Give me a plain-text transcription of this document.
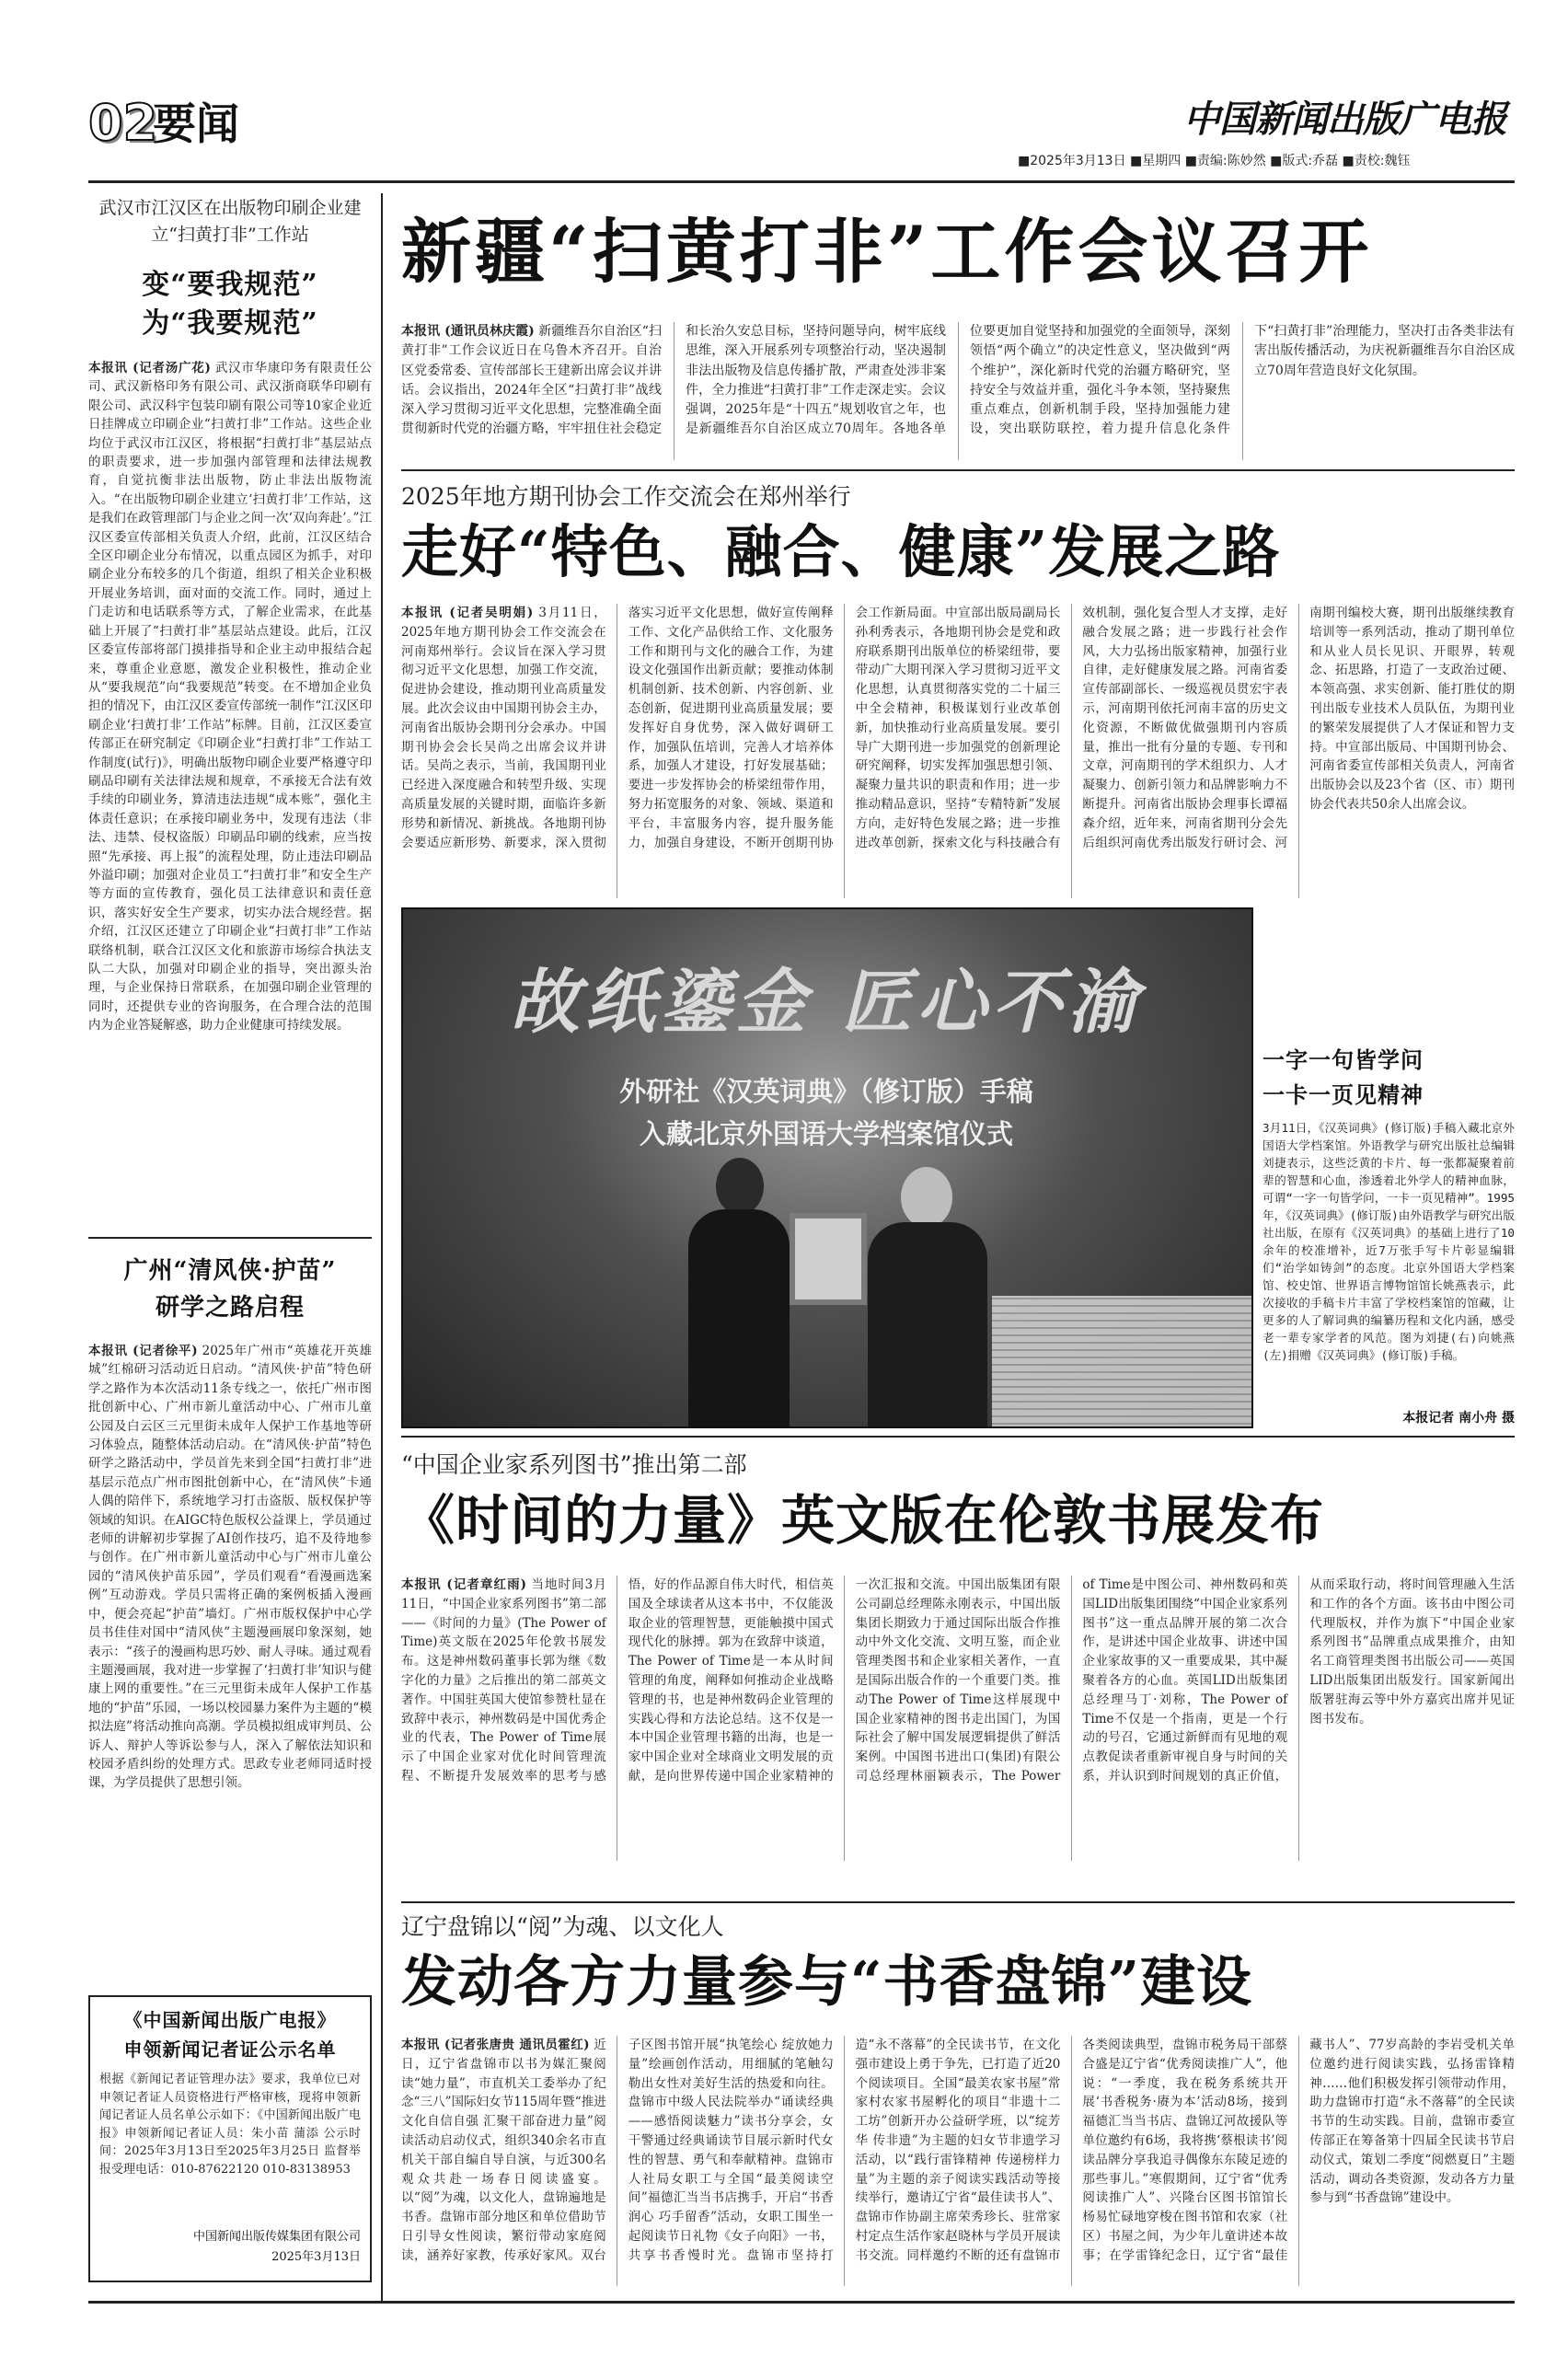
02
要闻	中国新闻出版广电报
■2025年3月13日 ■星期四 ■责编:陈妙然 ■版式:乔磊 ■责校:魏钰
武汉市江汉区在出版物印刷企业建立“扫黄打非”工作站
变“要我规范”
为“我要规范”
本报讯 (记者汤广花) 武汉市华康印务有限责任公司、武汉新格印务有限公司、武汉浙商联华印刷有限公司、武汉科宇包装印刷有限公司等10家企业近日挂牌成立印刷企业“扫黄打非”工作站。这些企业均位于武汉市江汉区，将根据“扫黄打非”基层站点的职责要求，进一步加强内部管理和法律法规教育，自觉抗衡非法出版物，防止非法出版物流入。“在出版物印刷企业建立‘扫黄打非’工作站，这是我们在政管理部门与企业之间一次‘双向奔赴’。”江汉区委宣传部相关负责人介绍，此前，江汉区结合全区印刷企业分布情况，以重点园区为抓手，对印刷企业分布较多的几个街道，组织了相关企业积极开展业务培训，面对面的交流工作。同时，通过上门走访和电话联系等方式，了解企业需求，在此基础上开展了“扫黄打非”基层站点建设。此后，江汉区委宣传部将部门摸排指导和企业主动申报结合起来，尊重企业意愿，激发企业积极性，推动企业从“要我规范”向“我要规范”转变。在不增加企业负担的情况下，由江汉区委宣传部统一制作“江汉区印刷企业‘扫黄打非’工作站”标牌。目前，江汉区委宣传部正在研究制定《印刷企业“扫黄打非”工作站工作制度(试行)》，明确出版物印刷企业要严格遵守印刷品印刷有关法律法规和规章，不承接无合法有效手续的印刷业务，算清违法违规“成本账”，强化主体责任意识；在承接印刷业务中，发现有违法（非法、违禁、侵权盗版）印刷品印刷的线索，应当按照“先承接、再上报”的流程处理，防止违法印刷品外溢印刷；加强对企业员工“扫黄打非”和安全生产等方面的宣传教育，强化员工法律意识和责任意识，落实好安全生产要求，切实办法合规经营。据介绍，江汉区还建立了印刷企业“扫黄打非”工作站联络机制，联合江汉区文化和旅游市场综合执法支队二大队，加强对印刷企业的指导，突出源头治理，与企业保持日常联系，在加强印刷企业管理的同时，还提供专业的咨询服务，在合理合法的范围内为企业答疑解惑，助力企业健康可持续发展。
广州“清风侠·护苗”
研学之路启程
本报讯 (记者徐平) 2025年广州市“英雄花开英雄城”红棉研习活动近日启动。“清风侠·护苗”特色研学之路作为本次活动11条专线之一，依托广州市图批创新中心、广州市新儿童活动中心、广州市儿童公园及白云区三元里街未成年人保护工作基地等研习体验点，随整体活动启动。在“清风侠·护苗”特色研学之路活动中，学员首先来到全国“扫黄打非”进基层示范点广州市图批创新中心，在“清风侠”卡通人偶的陪伴下，系统地学习打击盗版、版权保护等领域的知识。在AIGC特色版权公益课上，学员通过老师的讲解初步掌握了AI创作技巧，追不及待地参与创作。在广州市新儿童活动中心与广州市儿童公园的“清风侠护苗乐园”，学员们观看“看漫画选案例”互动游戏。学员只需将正确的案例板插入漫画中，便会亮起“护苗”墙灯。广州市版权保护中心学员书佳佳对国中“清风侠”主题漫画展印象深刻，她表示：“孩子的漫画构思巧妙、耐人寻味。通过观看主题漫画展，我对进一步掌握了‘扫黄打非’知识与健康上网的重要性。”在三元里街未成年人保护工作基地的“护苗”乐园，一场以校园暴力案件为主题的“模拟法庭”将活动推向高潮。学员模拟组成审判员、公诉人、辩护人等诉讼参与人，深入了解依法知识和校园矛盾纠纷的处理方式。思政专业老师同适时授课，为学员提供了思想引领。
《中国新闻出版广电报》
申领新闻记者证公示名单
根据《新闻记者证管理办法》要求，我单位已对申领记者证人员资格进行严格审核，现将申领新闻记者证人员名单公示如下：《中国新闻出版广电报》申领新闻记者证人员：朱小苗 蒲添 公示时间：2025年3月13日至2025年3月25日 监督举报受理电话：010-87622120 010-83138953
中国新闻出版传媒集团有限公司
2025年3月13日
新疆“扫黄打非”工作会议召开
本报讯 (通讯员林庆霞) 新疆维吾尔自治区“扫黄打非”工作会议近日在乌鲁木齐召开。自治区党委常委、宣传部部长王建新出席会议并讲话。会议指出，2024年全区“扫黄打非”战线深入学习贯彻习近平文化思想，完整准确全面贯彻新时代党的治疆方略，牢牢扭住社会稳定和长治久安总目标，坚持问题导向，树牢底线思维，深入开展系列专项整治行动，坚决遏制非法出版物及信息传播扩散，严肃查处涉非案件，全力推进“扫黄打非”工作走深走实。会议强调，2025年是“十四五”规划收官之年，也是新疆维吾尔自治区成立70周年。各地各单位要更加自觉坚持和加强党的全面领导，深刻领悟“两个确立”的决定性意义，坚决做到“两个维护”，深化新时代党的治疆方略研究，坚持安全与效益并重，强化斗争本领，坚持聚焦重点难点，创新机制手段，坚持加强能力建设，突出联防联控，着力提升信息化条件下“扫黄打非”治理能力，坚决打击各类非法有害出版传播活动，为庆祝新疆维吾尔自治区成立70周年营造良好文化氛围。
2025年地方期刊协会工作交流会在郑州举行
走好“特色、融合、健康”发展之路
本报讯 (记者吴明娟) 3月11日，2025年地方期刊协会工作交流会在河南郑州举行。会议旨在深入学习贯彻习近平文化思想，加强工作交流，促进协会建设，推动期刊业高质量发展。此次会议由中国期刊协会主办，河南省出版协会期刊分会承办。中国期刊协会会长吴尚之出席会议并讲话。吴尚之表示，当前，我国期刊业已经进入深度融合和转型升级、实现高质量发展的关键时期，面临许多新形势和新情况、新挑战。各地期刊协会要适应新形势、新要求，深入贯彻落实习近平文化思想，做好宣传阐释工作、文化产品供给工作、文化服务工作和期刊与文化的融合工作，为建设文化强国作出新贡献；要推动体制机制创新、技术创新、内容创新、业态创新，促进期刊业高质量发展；要发挥好自身优势，深入做好调研工作，加强队伍培训，完善人才培养体系，加强人才建设，打好发展基础；要进一步发挥协会的桥梁纽带作用，努力拓宽服务的对象、领域、渠道和平台，丰富服务内容，提升服务能力，加强自身建设，不断开创期刊协会工作新局面。中宣部出版局副局长孙利秀表示，各地期刊协会是党和政府联系期刊出版单位的桥梁纽带，要带动广大期刊深入学习贯彻习近平文化思想，认真贯彻落实党的二十届三中全会精神，积极谋划行业改革创新，加快推动行业高质量发展。要引导广大期刊进一步加强党的创新理论研究阐释，切实发挥加强思想引领、凝聚力量共识的职责和作用；进一步推动精品意识，坚持“专精特新”发展方向，走好特色发展之路；进一步推进改革创新，探索文化与科技融合有效机制，强化复合型人才支撑，走好融合发展之路；进一步践行社会作风，大力弘扬出版家精神，加强行业自律，走好健康发展之路。河南省委宣传部副部长、一级巡视员贯宏宇表示，河南期刊依托河南丰富的历史文化资源，不断做优做强期刊内容质量，推出一批有分量的专题、专刊和文章，河南期刊的学术组织力、人才凝聚力、创新引领力和品牌影响力不断提升。河南省出版协会理事长谭福森介绍，近年来，河南省期刊分会先后组织河南优秀出版发行研讨会、河南期刊编校大赛，期刊出版继续教育培训等一系列活动，推动了期刊单位和从业人员长见识、开眼界，转观念、拓思路，打造了一支政治过硬、本领高强、求实创新、能打胜仗的期刊出版专业技术人员队伍，为期刊业的繁荣发展提供了人才保证和智力支持。中宣部出版局、中国期刊协会、河南省委宣传部相关负责人，河南省出版协会以及23个省（区、市）期刊协会代表共50余人出席会议。
故纸鎏金 匠心不渝
外研社《汉英词典》（修订版）手稿
入藏北京外国语大学档案馆仪式
一字一句皆学问
一卡一页见精神
3月11日，《汉英词典》(修订版)手稿入藏北京外国语大学档案馆。外语教学与研究出版社总编辑刘捷表示，这些泛黄的卡片、每一张都凝聚着前辈的智慧和心血，渗透着北外学人的精神血脉，可谓“一字一句皆学问，一卡一页见精神”。1995年，《汉英词典》(修订版)由外语教学与研究出版社出版，在原有《汉英词典》的基础上进行了10余年的校准增补，近7万张手写卡片彰显编辑们“治学如铸剑”的态度。北京外国语大学档案馆、校史馆、世界语言博物馆馆长姚燕表示，此次接收的手稿卡片丰富了学校档案馆的馆藏，让更多的人了解词典的编纂历程和文化内涵，感受老一辈专家学者的风范。图为刘捷(右)向姚燕(左)捐赠《汉英词典》(修订版)手稿。
本报记者 南小舟 摄
“中国企业家系列图书”推出第二部
《时间的力量》英文版在伦敦书展发布
本报讯 (记者章红雨) 当地时间3月11日，“中国企业家系列图书”第二部——《时间的力量》(The Power of Time)英文版在2025年伦敦书展发布。这是神州数码董事长郭为继《数字化的力量》之后推出的第二部英文著作。中国驻英国大使馆参赞杜显在致辞中表示，神州数码是中国优秀企业的代表，The Power of Time展示了中国企业家对优化时间管理流程、不断提升发展效率的思考与感悟，好的作品源自伟大时代，相信英国及全球读者从这本书中，不仅能汲取企业的管理智慧，更能触摸中国式现代化的脉搏。郭为在致辞中谈道，The Power of Time是一本从时间管理的角度，阐释如何推动企业战略管理的书，也是神州数码企业管理的实践心得和方法论总结。这不仅是一本中国企业管理书籍的出海，也是一家中国企业对全球商业文明发展的贡献，是向世界传递中国企业家精神的一次汇报和交流。中国出版集团有限公司副总经理陈永刚表示，中国出版集团长期致力于通过国际出版合作推动中外文化交流、文明互鉴，而企业管理类图书和企业家相关著作，一直是国际出版合作的一个重要门类。推动The Power of Time这样展现中国企业家精神的图书走出国门，为国际社会了解中国发展逻辑提供了鲜活案例。中国图书进出口(集团)有限公司总经理林丽颖表示，The Power of Time是中图公司、神州数码和英国LID出版集团围绕“中国企业家系列图书”这一重点品牌开展的第二次合作，是讲述中国企业故事、讲述中国企业家故事的又一重要成果，其中凝聚着各方的心血。英国LID出版集团总经理马丁·刘称，The Power of Time不仅是一个指南，更是一个行动的号召，它通过新鲜而有见地的观点教促读者重新审视自身与时间的关系，并认识到时间规划的真正价值，从而采取行动，将时间管理融入生活和工作的各个方面。该书由中图公司代理版权，并作为旗下“中国企业家系列图书”品牌重点成果推介，由知名工商管理类图书出版公司——英国LID出版集团出版发行。国家新闻出版署驻海云等中外方嘉宾出席并见证图书发布。
辽宁盘锦以“阅”为魂、以文化人
发动各方力量参与“书香盘锦”建设
本报讯 (记者张唐贵 通讯员霍红) 近日，辽宁省盘锦市以书为媒汇聚阅读“她力量”，市直机关工委举办了纪念“三八”国际妇女节115周年暨“推进文化自信自强 汇聚干部奋进力量”阅读活动启动仪式，组织340余名市直机关干部自编自导自演，与近300名观众共赴一场春日阅读盛宴。以“阅”为魂，以文化人，盘锦遍地是书香。盘锦市部分地区和单位借助节日引导女性阅读，繁衍带动家庭阅读，涵养好家教，传承好家风。双台子区图书馆开展“执笔绘心 绽放她力量”绘画创作活动，用细腻的笔触勾勒出女性对美好生活的热爱和向往。盘锦市中级人民法院举办“诵读经典——感悟阅读魅力”读书分享会，女干警通过经典诵读节目展示新时代女性的智慧、勇气和奉献精神。盘锦市人社局女职工与全国“最美阅读空间”福德汇当当书店携手，开启“书香润心 巧手留香”活动，女职工围坐一起阅读节日礼物《女子向阳》一书，共享书香慢时光。盘锦市坚持打造“永不落幕”的全民读书节，在文化强市建设上勇于争先，已打造了近20个阅读项目。全国“最美农家书屋”常家村农家书屋孵化的项目“非遗十二工坊”创新开办公益研学班，以“绽芳华 传非遗”为主题的妇女节非遗学习活动，以“践行雷锋精神 传递榜样力量”为主题的亲子阅读实践活动等接续举行，邀请辽宁省“最佳读书人”、盘锦市作协副主席荣秀珍长、驻常家村定点生活作家赵晓林与学员开展读书交流。同样邀约不断的还有盘锦市各类阅读典型，盘锦市税务局干部蔡合盛是辽宁省“优秀阅读推广人”，他说：“一季度，我在税务系统共开展‘书香税务·赓为本’活动8场，接到福德汇当当书店、盘锦辽河故援队等单位邀约有6场，我将携‘蔡根读书’阅读品牌分享我追寻偶像东东陵足迹的那些事儿。”寒假期间，辽宁省“优秀阅读推广人”、兴隆台区图书馆馆长杨易忙碌地穿梭在图书馆和农家（社区）书屋之间，为少年儿童讲述本故事；在学雷锋纪念日，辽宁省“最佳藏书人”、77岁高龄的李岩受机关单位邀约进行阅读实践，弘扬雷锋精神……他们积极发挥引领带动作用，助力盘锦市打造“永不落幕”的全民读书节的生动实践。目前，盘锦市委宣传部正在筹备第十四届全民读书节启动仪式，策划二季度“阅燃夏日”主题活动，调动各类资源，发动各方力量参与到“书香盘锦”建设中。
